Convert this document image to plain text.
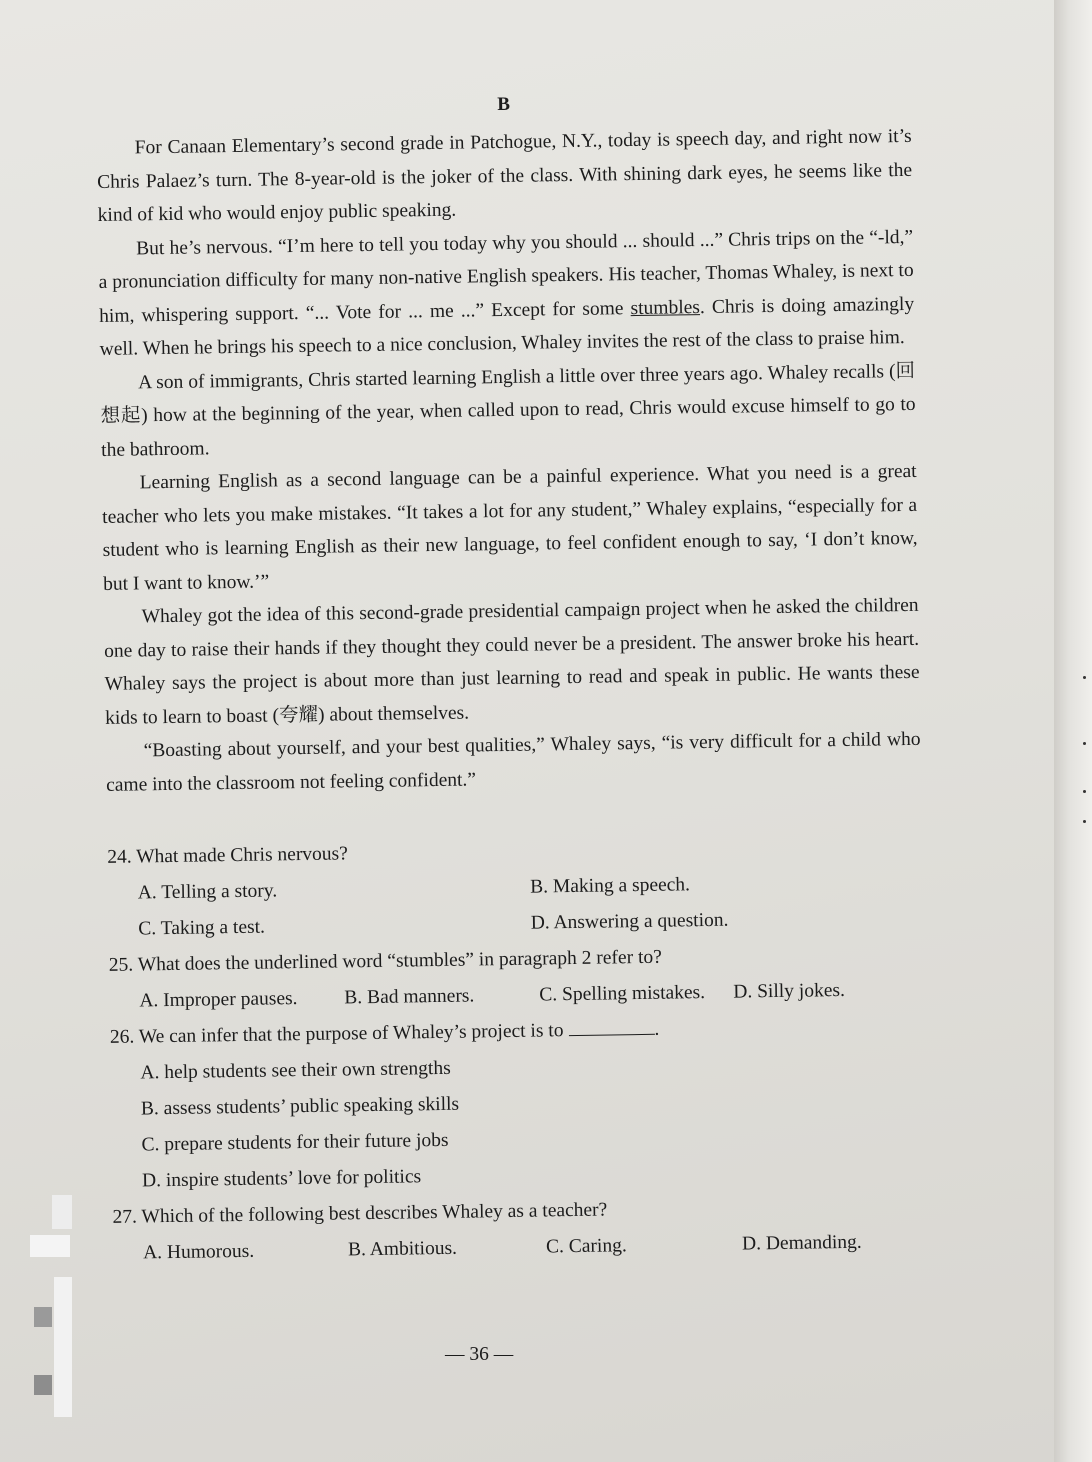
B

For Canaan Elementary’s second grade in Patchogue, N.Y., today is speech day, and right now it’s Chris Palaez’s turn. The 8-year-old is the joker of the class. With shining dark eyes, he seems like the kind of kid who would enjoy public speaking.

But he’s nervous. “I’m here to tell you today why you should ... should ...” Chris trips on the “-ld,” a pronunciation difficulty for many non-native English speakers. His teacher, Thomas Whaley, is next to him, whispering support. “... Vote for ... me ...” Except for some stumbles. Chris is doing amazingly well. When he brings his speech to a nice conclusion, Whaley invites the rest of the class to praise him.

A son of immigrants, Chris started learning English a little over three years ago. Whaley recalls (回想起) how at the beginning of the year, when called upon to read, Chris would excuse himself to go to the bathroom.

Learning English as a second language can be a painful experience. What you need is a great teacher who lets you make mistakes. “It takes a lot for any student,” Whaley explains, “especially for a student who is learning English as their new language, to feel confident enough to say, ‘I don’t know, but I want to know.’”

Whaley got the idea of this second-grade presidential campaign project when he asked the children one day to raise their hands if they thought they could never be a president. The answer broke his heart. Whaley says the project is about more than just learning to read and speak in public. He wants these kids to learn to boast (夸耀) about themselves.

“Boasting about yourself, and your best qualities,” Whaley says, “is very difficult for a child who came into the classroom not feeling confident.”

24. What made Chris nervous?

A. Telling a story.	B. Making a speech.
C. Taking a test.	D. Answering a question.

25. What does the underlined word “stumbles” in paragraph 2 refer to?

A. Improper pauses.	B. Bad manners.	C. Spelling mistakes.	D. Silly jokes.

26. We can infer that the purpose of Whaley’s project is to	.

A. help students see their own strengths
B. assess students’ public speaking skills
C. prepare students for their future jobs
D. inspire students’ love for politics

27. Which of the following best describes Whaley as a teacher?

A. Humorous.	B. Ambitious.	C. Caring.	D. Demanding.
— 36 —
